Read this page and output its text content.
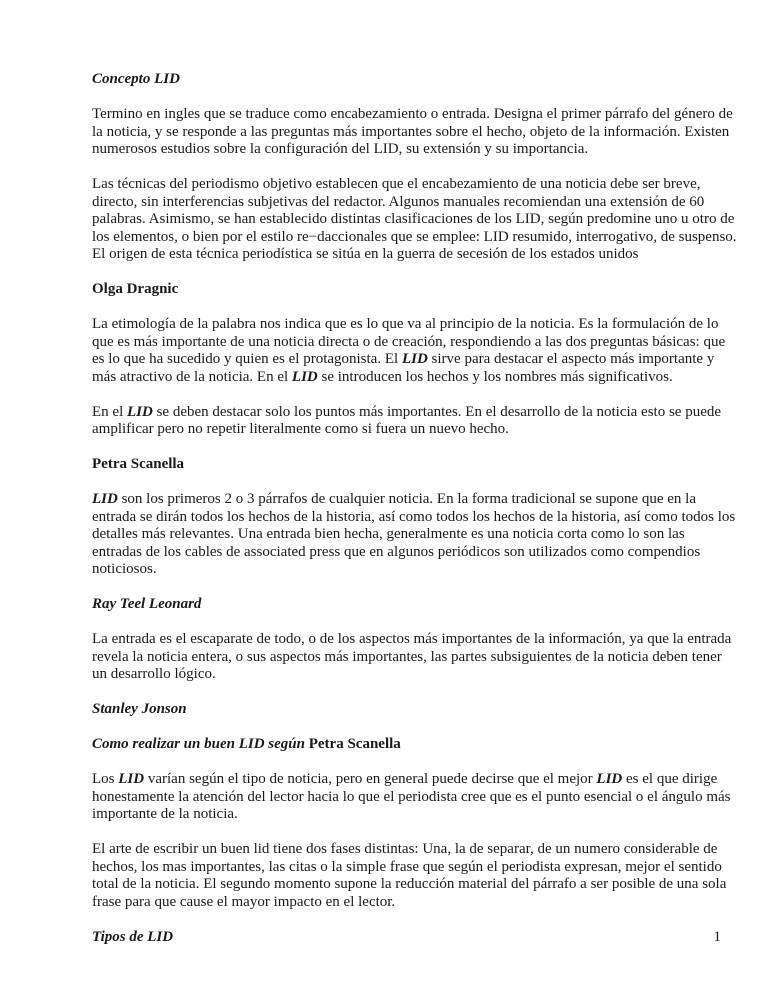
Concepto LID

Termino en ingles que se traduce como encabezamiento o entrada. Designa el primer párrafo del género de la noticia, y se responde a las preguntas más importantes sobre el hecho, objeto de la información. Existen numerosos estudios sobre la configuración del LID, su extensión y su importancia.

Las técnicas del periodismo objetivo establecen que el encabezamiento de una noticia debe ser breve, directo, sin interferencias subjetivas del redactor. Algunos manuales recomiendan una extensión de 60 palabras. Asimismo, se han establecido distintas clasificaciones de los LID, según predomine uno u otro de los elementos, o bien por el estilo re−daccionales que se emplee: LID resumido, interrogativo, de suspenso. El origen de esta técnica periodística se sitúa en la guerra de secesión de los estados unidos

Olga Dragnic

La etimología de la palabra nos indica que es lo que va al principio de la noticia. Es la formulación de lo que es más importante de una noticia directa o de creación, respondiendo a las dos preguntas básicas: que es lo que ha sucedido y quien es el protagonista. El LID sirve para destacar el aspecto más importante y más atractivo de la noticia. En el LID se introducen los hechos y los nombres más significativos.

En el LID se deben destacar solo los puntos más importantes. En el desarrollo de la noticia esto se puede amplificar pero no repetir literalmente como si fuera un nuevo hecho.

Petra Scanella

LID son los primeros 2 o 3 párrafos de cualquier noticia. En la forma tradicional se supone que en la entrada se dirán todos los hechos de la historia, así como todos los hechos de la historia, así como todos los detalles más relevantes. Una entrada bien hecha, generalmente es una noticia corta como lo son las entradas de los cables de associated press que en algunos periódicos son utilizados como compendios noticiosos.

Ray Teel Leonard

La entrada es el escaparate de todo, o de los aspectos más importantes de la información, ya que la entrada revela la noticia entera, o sus aspectos más importantes, las partes subsiguientes de la noticia deben tener un desarrollo lógico.

Stanley Jonson
Como realizar un buen LID según Petra Scanella

Los LID varían según el tipo de noticia, pero en general puede decirse que el mejor LID es el que dirige honestamente la atención del lector hacia lo que el periodista cree que es el punto esencial o el ángulo más importante de la noticia.

El arte de escribir un buen lid tiene dos fases distintas: Una, la de separar, de un numero considerable de hechos, los mas importantes, las citas o la simple frase que según el periodista expresan, mejor el sentido total de la noticia. El segundo momento supone la reducción material del párrafo a ser posible de una sola frase para que cause el mayor impacto en el lector.

Tipos de LID	1
